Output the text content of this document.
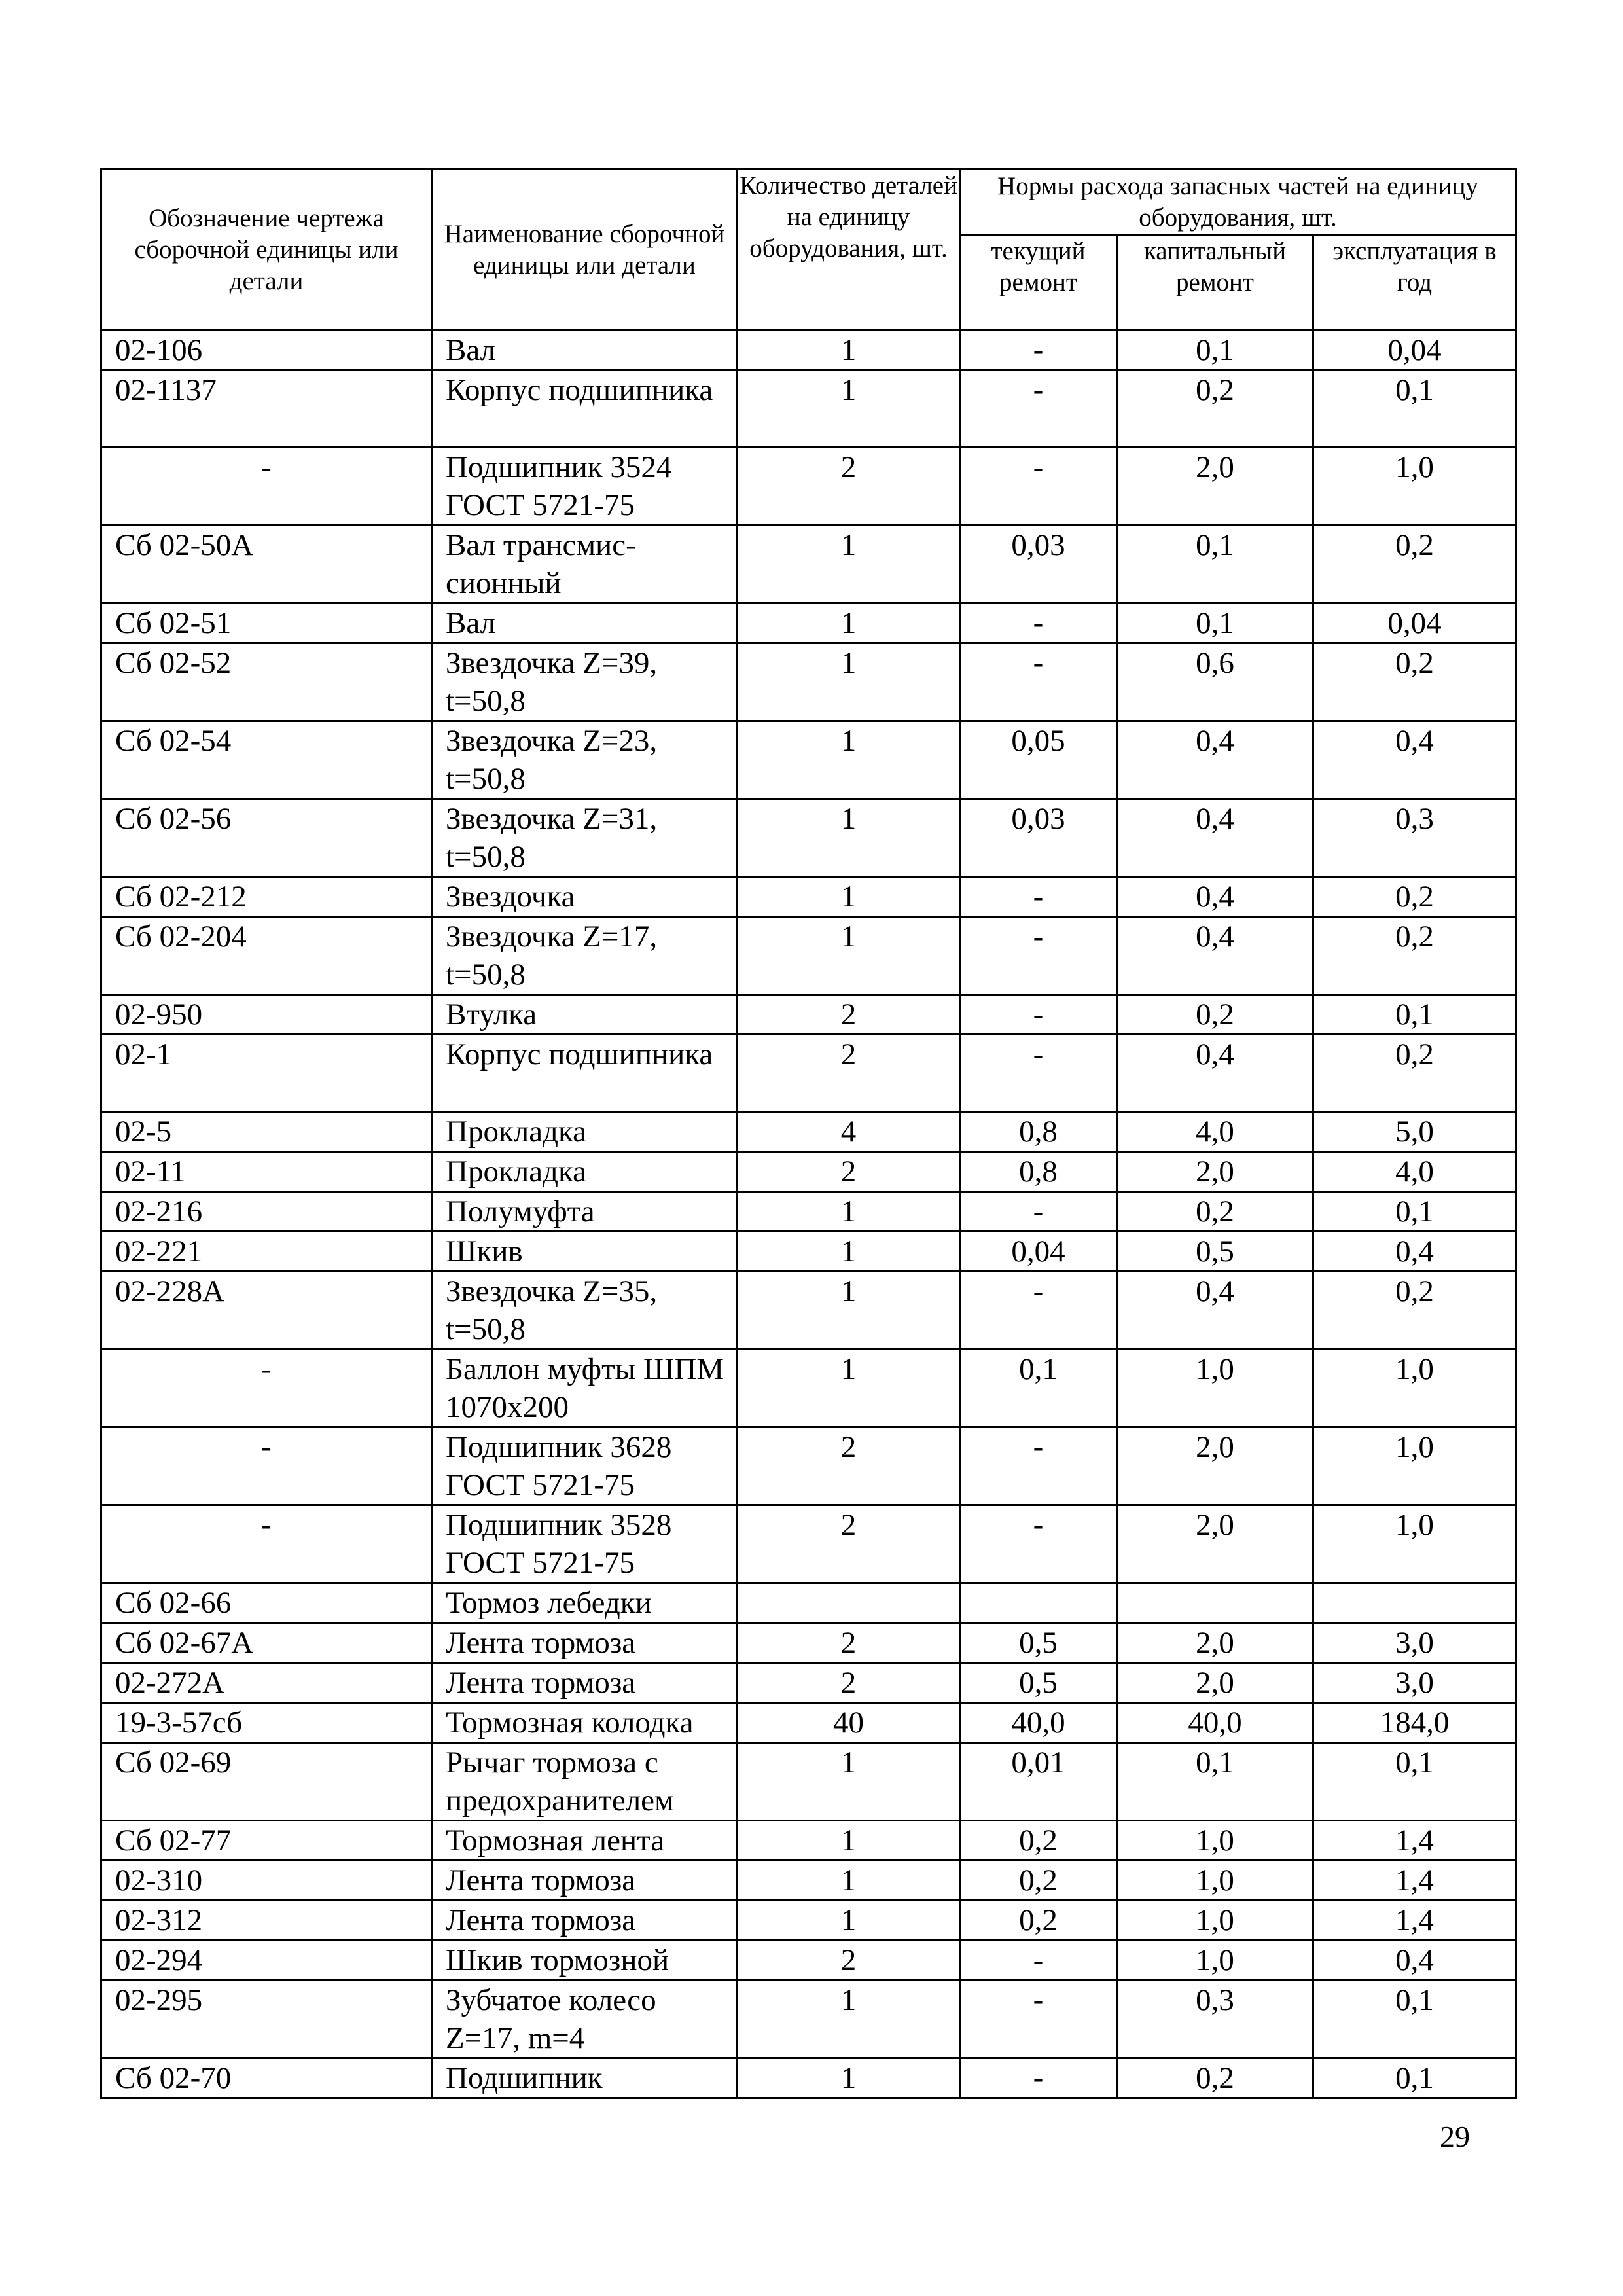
Обозначение чертежа сборочной единицы или детали	Наименование сборочной единицы или детали	Количество деталей на единицу оборудования, шт.	Нормы расхода запасных частей на единицу оборудования, шт.		
			текущий ремонт	капитальный ремонт	эксплуатация в год
02-106	Вал	1	-	0,1	0,04
02-1137	Корпус подшипника	1	-	0,2	0,1
-	Подшипник 3524 ГОСТ 5721-75	2	-	2,0	1,0
Сб 02-50А	Вал трансмис-сионный	1	0,03	0,1	0,2
Сб 02-51	Вал	1	-	0,1	0,04
Сб 02-52	Звездочка Z=39, t=50,8	1	-	0,6	0,2
Сб 02-54	Звездочка Z=23, t=50,8	1	0,05	0,4	0,4
Сб 02-56	Звездочка Z=31, t=50,8	1	0,03	0,4	0,3
Сб 02-212	Звездочка	1	-	0,4	0,2
Сб 02-204	Звездочка Z=17, t=50,8	1	-	0,4	0,2
02-950	Втулка	2	-	0,2	0,1
02-1	Корпус подшипника	2	-	0,4	0,2
02-5	Прокладка	4	0,8	4,0	5,0
02-11	Прокладка	2	0,8	2,0	4,0
02-216	Полумуфта	1	-	0,2	0,1
02-221	Шкив	1	0,04	0,5	0,4
02-228А	Звездочка Z=35, t=50,8	1	-	0,4	0,2
-	Баллон муфты ШПМ 1070х200	1	0,1	1,0	1,0
-	Подшипник 3628 ГОСТ 5721-75	2	-	2,0	1,0
-	Подшипник 3528 ГОСТ 5721-75	2	-	2,0	1,0
Сб 02-66	Тормоз лебедки				
Сб 02-67А	Лента тормоза	2	0,5	2,0	3,0
02-272А	Лента тормоза	2	0,5	2,0	3,0
19-3-57сб	Тормозная колодка	40	40,0	40,0	184,0
Сб 02-69	Рычаг тормоза с предохранителем	1	0,01	0,1	0,1
Сб 02-77	Тормозная лента	1	0,2	1,0	1,4
02-310	Лента тормоза	1	0,2	1,0	1,4
02-312	Лента тормоза	1	0,2	1,0	1,4
02-294	Шкив тормозной	2	-	1,0	0,4
02-295	Зубчатое колесо Z=17, m=4	1	-	0,3	0,1
Сб 02-70	Подшипник	1	-	0,2	0,1
29
